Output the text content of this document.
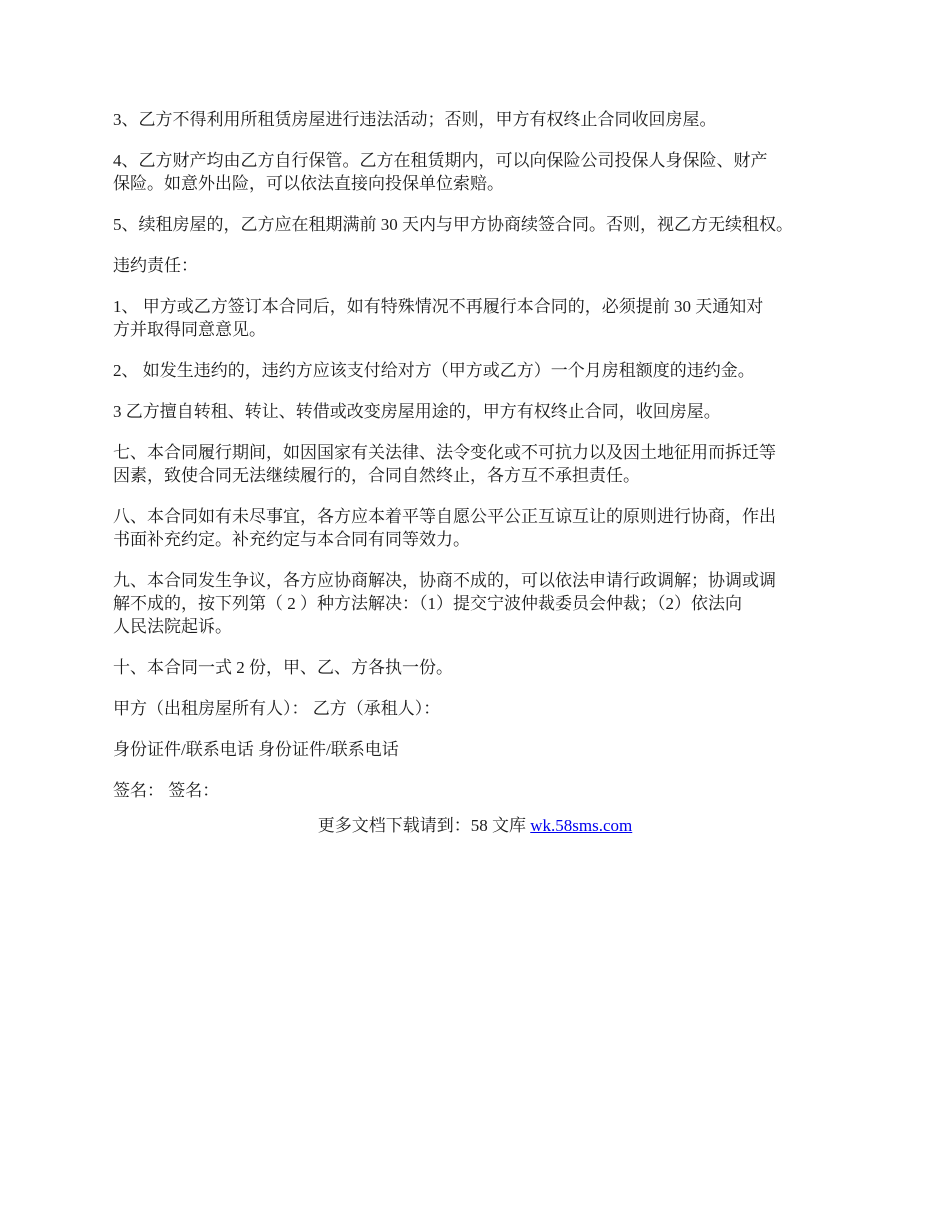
3、乙方不得利用所租赁房屋进行违法活动；否则，甲方有权终止合同收回房屋。

4、乙方财产均由乙方自行保管。乙方在租赁期内，可以向保险公司投保人身保险、财产
保险。如意外出险，可以依法直接向投保单位索赔。

5、续租房屋的，乙方应在租期满前 30 天内与甲方协商续签合同。否则，视乙方无续租权。

违约责任：

1、 甲方或乙方签订本合同后，如有特殊情况不再履行本合同的，必须提前 30 天通知对
方并取得同意意见。

2、 如发生违约的，违约方应该支付给对方（甲方或乙方）一个月房租额度的违约金。

3 乙方擅自转租、转让、转借或改变房屋用途的，甲方有权终止合同，收回房屋。

七、本合同履行期间，如因国家有关法律、法令变化或不可抗力以及因土地征用而拆迁等
因素，致使合同无法继续履行的，合同自然终止，各方互不承担责任。

八、本合同如有未尽事宜，各方应本着平等自愿公平公正互谅互让的原则进行协商，作出
书面补充约定。补充约定与本合同有同等效力。

九、本合同发生争议，各方应协商解决，协商不成的，可以依法申请行政调解；协调或调
解不成的，按下列第（ 2 ）种方法解决：（1）提交宁波仲裁委员会仲裁；（2）依法向
人民法院起诉。

十、本合同一式 2 份，甲、乙、方各执一份。

甲方（出租房屋所有人）： 乙方（承租人）：

身份证件/联系电话 身份证件/联系电话

签名： 签名：

更多文档下载请到：58 文库 wk.58sms.com
